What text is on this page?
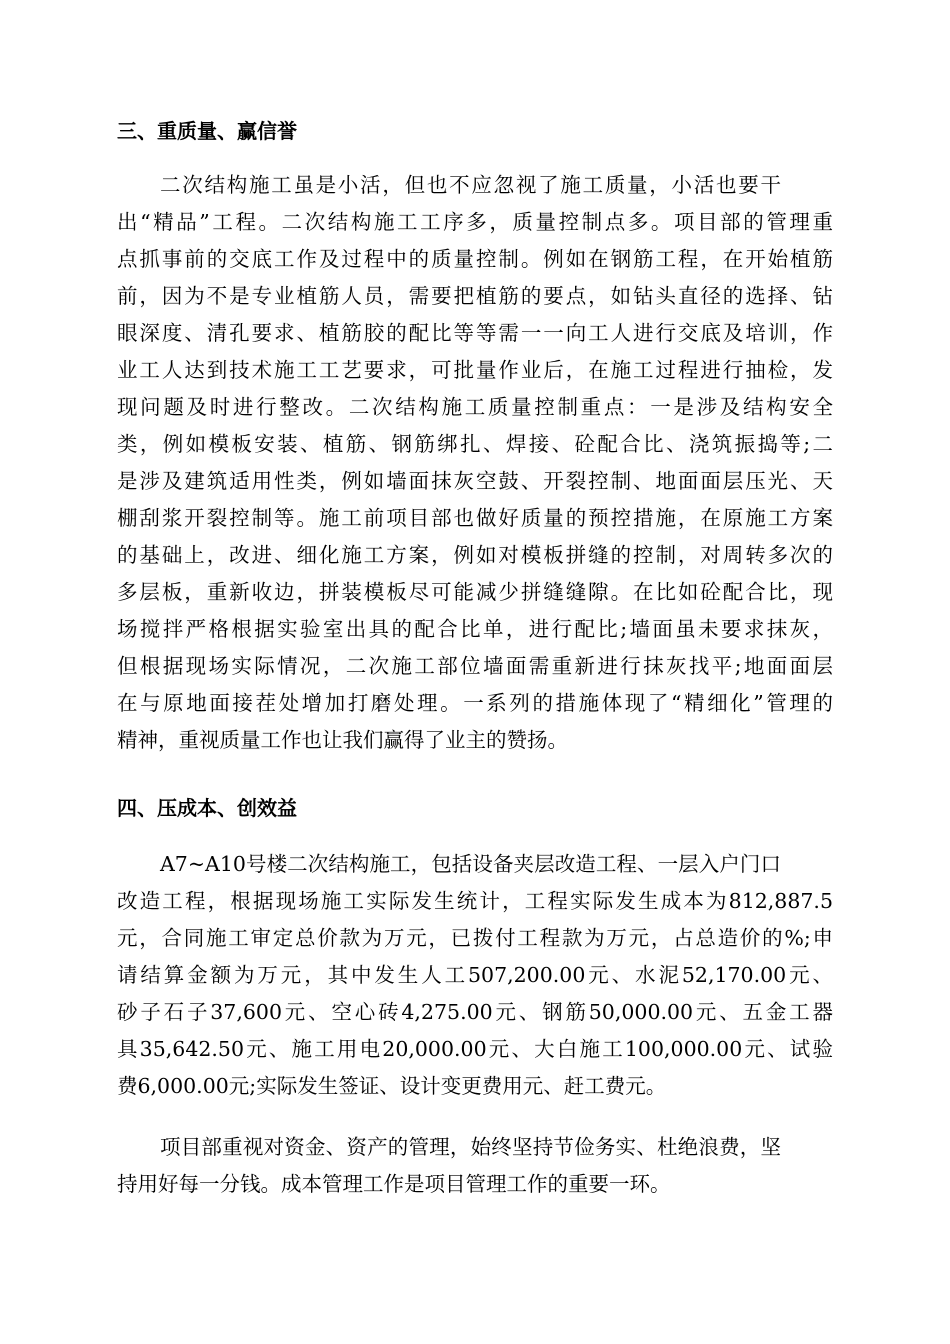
三、重质量、赢信誉
二次结构施工虽是小活，但也不应忽视了施工质量，小活也要干
出“精品”工程。二次结构施工工序多，质量控制点多。项目部的管理重
点抓事前的交底工作及过程中的质量控制。例如在钢筋工程，在开始植筋
前，因为不是专业植筋人员，需要把植筋的要点，如钻头直径的选择、钻
眼深度、清孔要求、植筋胶的配比等等需一一向工人进行交底及培训，作
业工人达到技术施工工艺要求，可批量作业后，在施工过程进行抽检，发
现问题及时进行整改。二次结构施工质量控制重点：一是涉及结构安全
类，例如模板安装、植筋、钢筋绑扎、焊接、砼配合比、浇筑振捣等;二
是涉及建筑适用性类，例如墙面抹灰空鼓、开裂控制、地面面层压光、天
棚刮浆开裂控制等。施工前项目部也做好质量的预控措施，在原施工方案
的基础上，改进、细化施工方案，例如对模板拼缝的控制，对周转多次的
多层板，重新收边，拼装模板尽可能减少拼缝缝隙。在比如砼配合比，现
场搅拌严格根据实验室出具的配合比单，进行配比;墙面虽未要求抹灰，
但根据现场实际情况，二次施工部位墙面需重新进行抹灰找平;地面面层
在与原地面接茬处增加打磨处理。一系列的措施体现了“精细化”管理的
精神，重视质量工作也让我们赢得了业主的赞扬。
四、压成本、创效益
A7~A10号楼二次结构施工，包括设备夹层改造工程、一层入户门口
改造工程，根据现场施工实际发生统计，工程实际发生成本为812,887.5
元，合同施工审定总价款为万元，已拨付工程款为万元，占总造价的%;申
请结算金额为万元，其中发生人工507,200.00元、水泥52,170.00元、
砂子石子37,600元、空心砖4,275.00元、钢筋50,000.00元、五金工器
具35,642.50元、施工用电20,000.00元、大白施工100,000.00元、试验
费6,000.00元;实际发生签证、设计变更费用元、赶工费元。
项目部重视对资金、资产的管理，始终坚持节俭务实、杜绝浪费，坚
持用好每一分钱。成本管理工作是项目管理工作的重要一环。
